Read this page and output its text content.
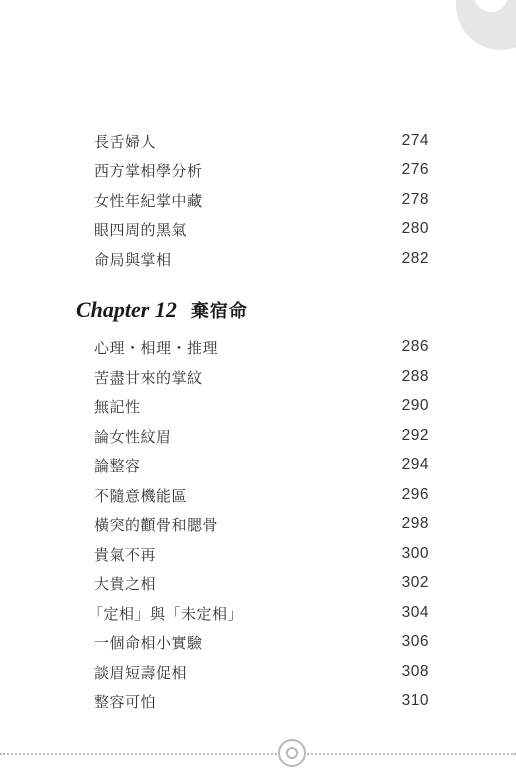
長舌婦人	274
西方掌相學分析	276
女性年紀掌中藏	278
眼四周的黑氣	280
命局與掌相	282
Chapter 12 棄宿命
心理・相理・推理	286
苦盡甘來的掌紋	288
無記性	290
論女性紋眉	292
論整容	294
不隨意機能區	296
橫突的顴骨和腮骨	298
貴氣不再	300
大貴之相	302
「定相」與「未定相」	304
一個命相小實驗	306
談眉短壽促相	308
整容可怕	310
